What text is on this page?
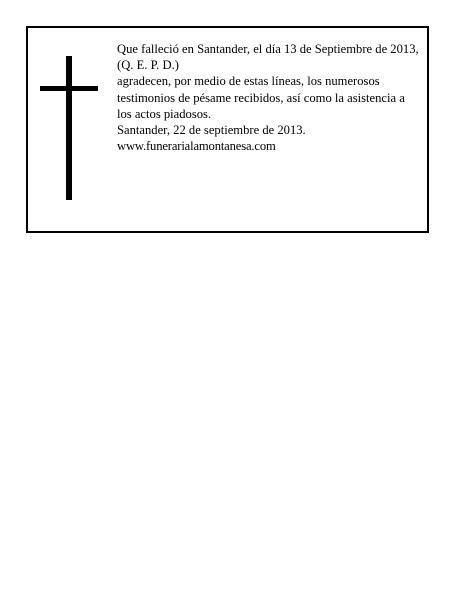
Que falleció en Santander, el día 13 de Septiembre de 2013,
(Q. E. P. D.)
agradecen, por medio de estas líneas, los numerosos testimonios de pésame recibidos, así como la asistencia a los actos piadosos.
Santander, 22 de septiembre de 2013.
www.funerarialamontanesa.com
